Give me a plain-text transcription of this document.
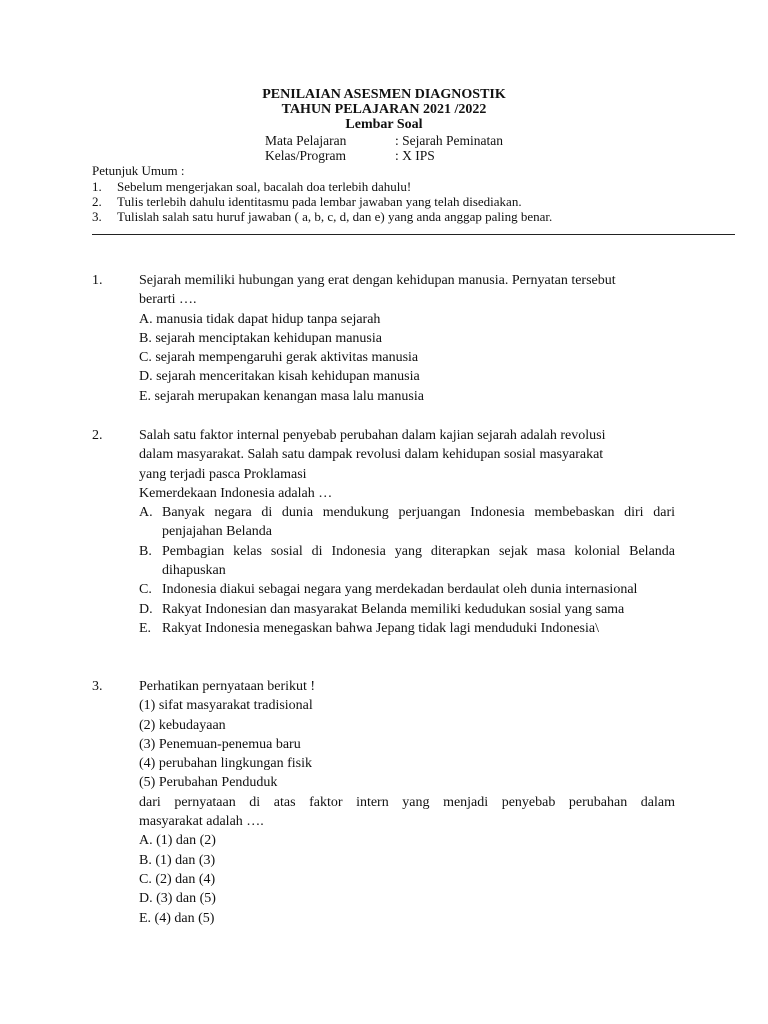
PENILAIAN ASESMEN DIAGNOSTIK
TAHUN PELAJARAN 2021 /2022
Lembar Soal
Mata Pelajaran	: Sejarah Peminatan
Kelas/Program	: X IPS
Petunjuk Umum :
1. Sebelum mengerjakan soal, bacalah doa terlebih dahulu!
2. Tulis terlebih dahulu identitasmu pada lembar jawaban yang telah disediakan.
3. Tulislah salah satu huruf jawaban ( a, b, c, d, dan e) yang anda anggap paling benar.
1.	Sejarah memiliki hubungan yang erat dengan kehidupan manusia. Pernyatan tersebut
berarti ….
A. manusia tidak dapat hidup tanpa sejarah
B. sejarah menciptakan kehidupan manusia
C. sejarah mempengaruhi gerak aktivitas manusia
D. sejarah menceritakan kisah kehidupan manusia
E. sejarah merupakan kenangan masa lalu manusia
2.	Salah satu faktor internal penyebab perubahan dalam kajian sejarah adalah revolusi
dalam masyarakat. Salah satu dampak revolusi dalam kehidupan sosial masyarakat
yang terjadi pasca Proklamasi
Kemerdekaan Indonesia adalah …
A. Banyak negara di dunia mendukung perjuangan Indonesia membebaskan diri dari penjajahan Belanda
B. Pembagian kelas sosial di Indonesia yang diterapkan sejak masa kolonial Belanda dihapuskan
C. Indonesia diakui sebagai negara yang merdekadan berdaulat oleh dunia internasional
D. Rakyat Indonesian dan masyarakat Belanda memiliki kedudukan sosial yang sama
E. Rakyat Indonesia menegaskan bahwa Jepang tidak lagi menduduki Indonesia\
3.	Perhatikan pernyataan berikut !
(1) sifat masyarakat tradisional
(2) kebudayaan
(3) Penemuan-penemua baru
(4) perubahan lingkungan fisik
(5) Perubahan Penduduk
dari pernyataan di atas faktor intern yang menjadi penyebab perubahan dalam
masyarakat adalah ….
A. (1) dan (2)
B. (1) dan (3)
C. (2) dan (4)
D. (3) dan (5)
E. (4) dan (5)
